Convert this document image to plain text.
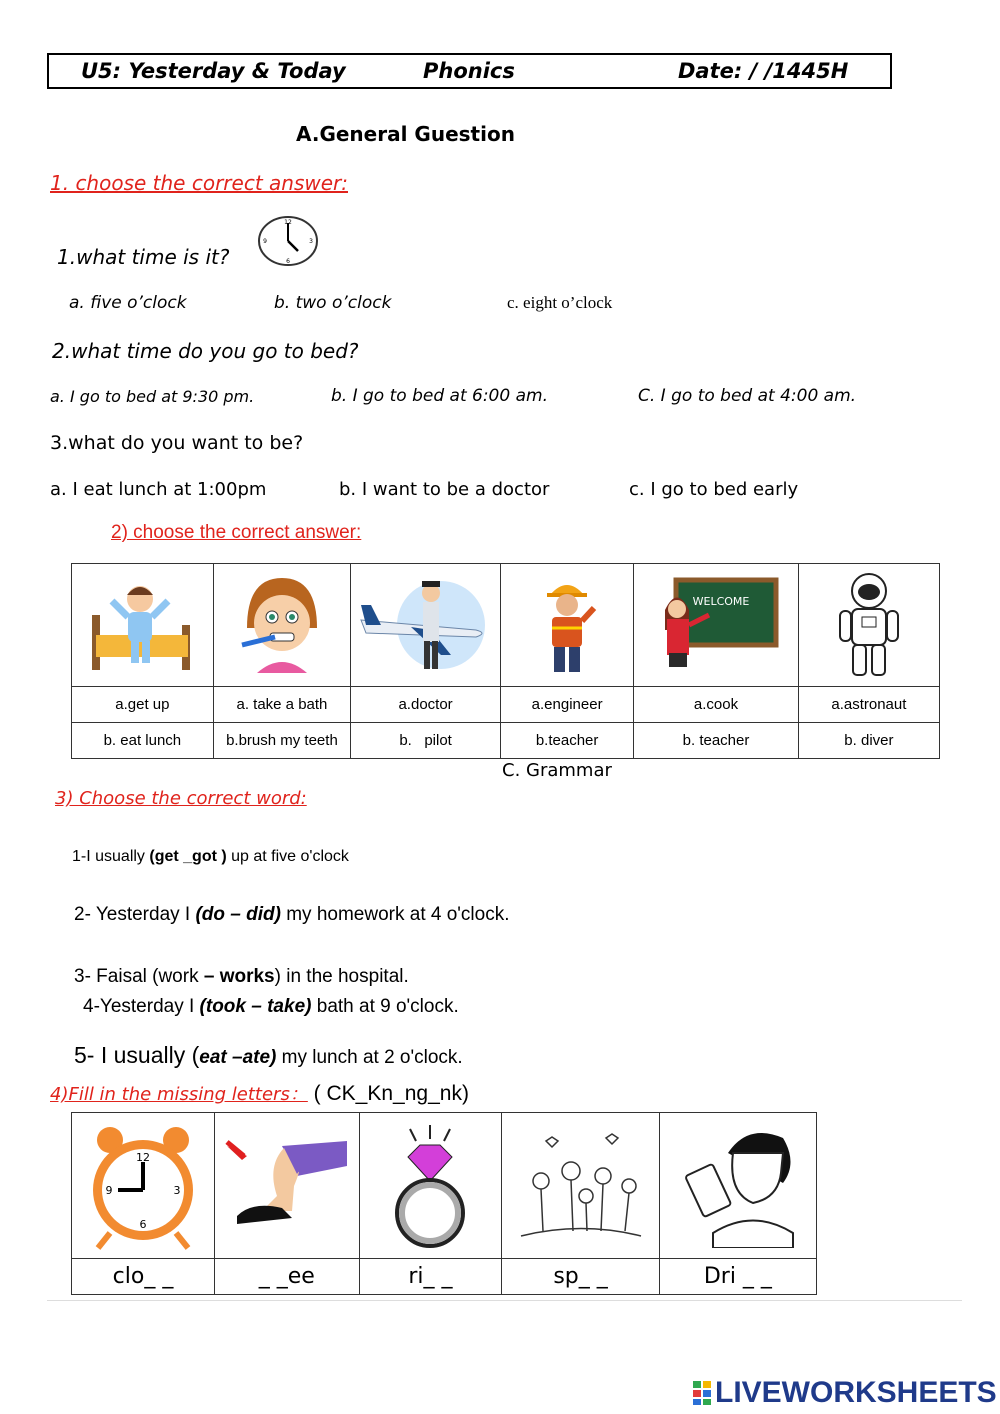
U5: Yesterday & Today	Phonics	Date: / /1445H
A.General Guestion
1. choose the correct answer:
1.what time is it?
12
6
9	3
a. five o’clock	b. two o’clock	c. eight o’clock
2.what time do you go to bed?
a. I go to bed at 9:30 pm.	b. I go to bed at 6:00 am.	C. I go to bed at 4:00 am.
3.what do you want to be?
a. I eat lunch at 1:00pm	b. I want to be a doctor	c. I go to bed early
2) choose the correct answer:

WELCOME

a.get up	a. take a bath	a.doctor	a.engineer	a.cook	a.astronaut
b. eat lunch	b.brush my teeth	b.   pilot	b.teacher	b. teacher	b. diver
C. Grammar
3) Choose the correct word:
1-I usually (get _got ) up at five o'clock
2- Yesterday I (do – did) my homework at 4 o'clock.
3- Faisal (work – works) in the hospital.
4-Yesterday I (took – take) bath at 9 o'clock.
5- I usually (eat –ate) my lunch at 2 o'clock.
4)Fill in the missing letters： ( CK_Kn_ng_nk)
12
6
9 3

clo_ _	_ _ee	ri_ _	sp_ _	Dri _ _
LIVEWORKSHEETS
